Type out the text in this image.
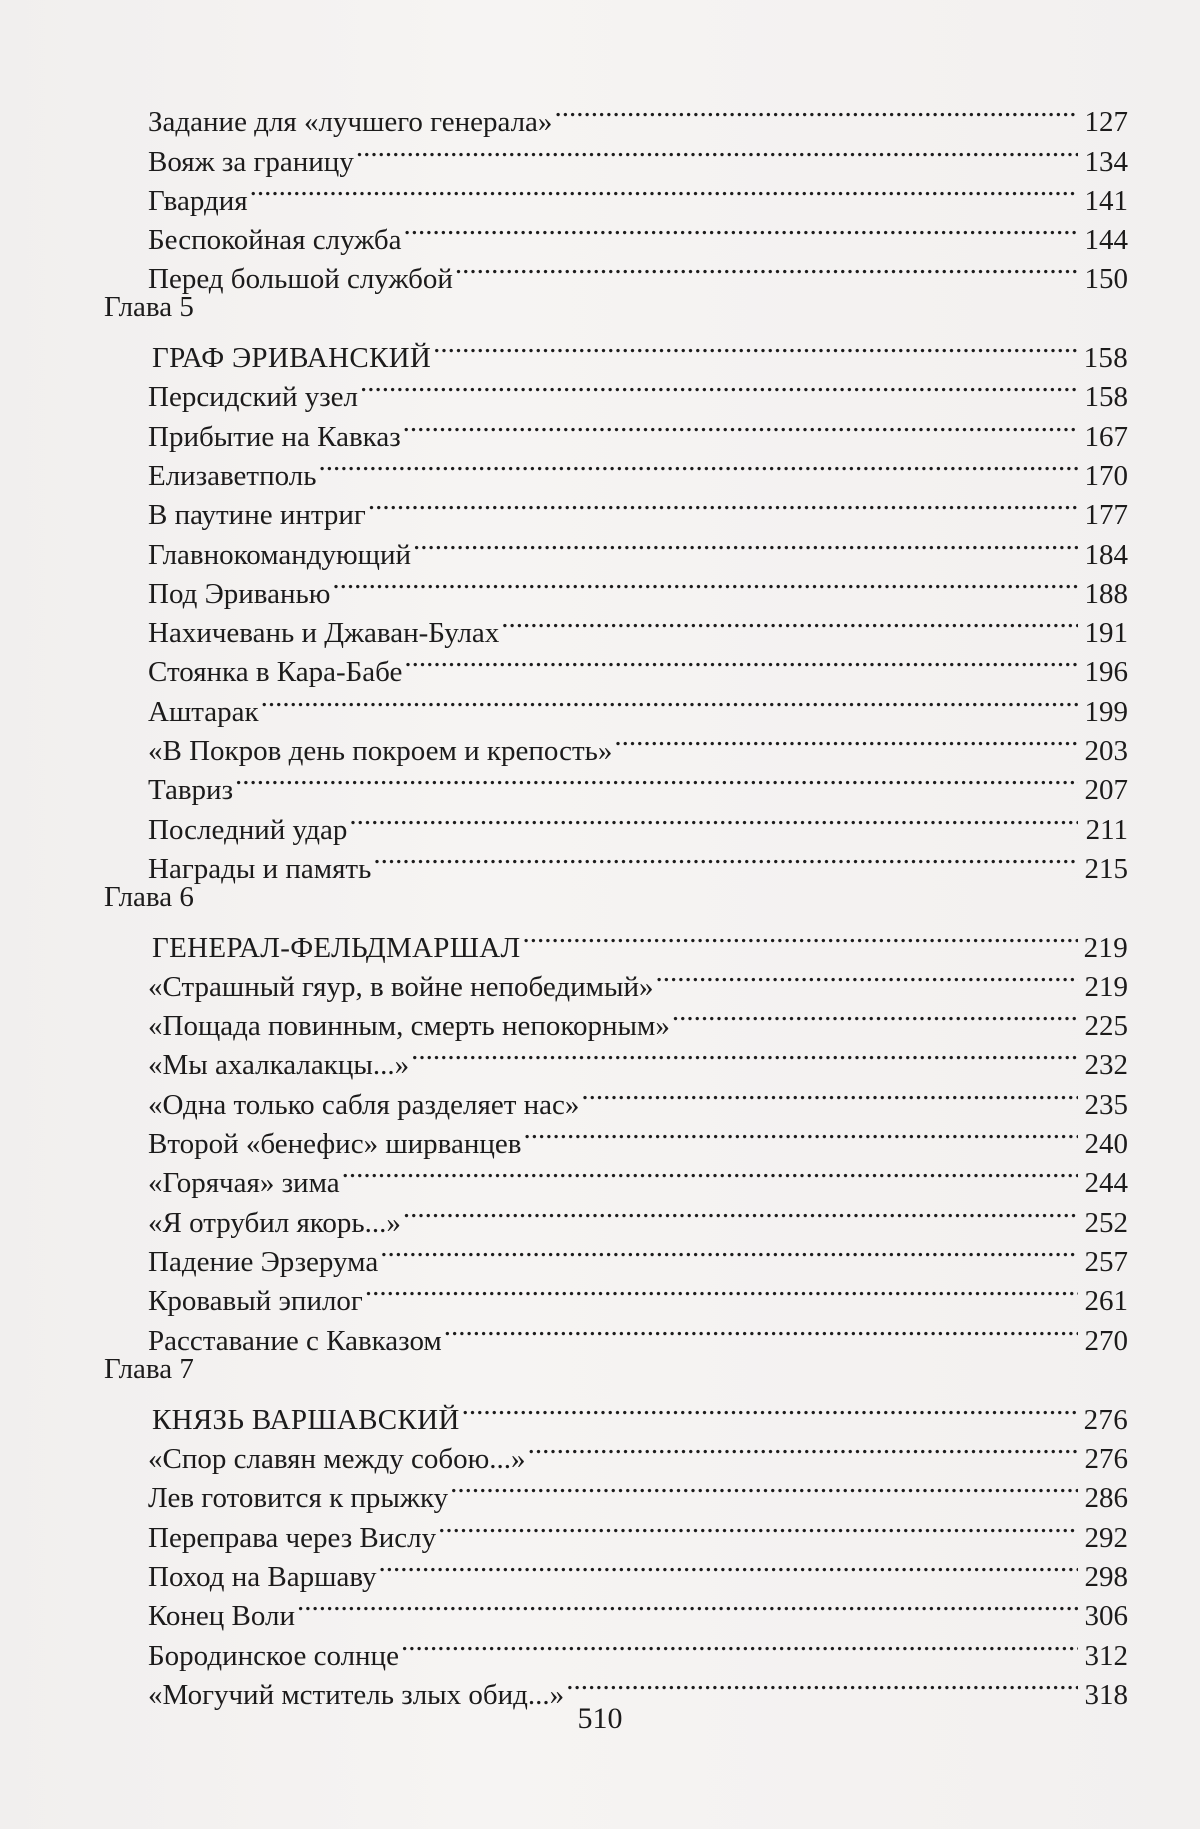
Задание для «лучшего генерала» .....	127
Вояж за границу .....	134
Гвардия .....	141
Беспокойная служба .....	144
Перед большой службой .....	150
Глава 5
ГРАФ ЭРИВАНСКИЙ .....	158
Персидский узел .....	158
Прибытие на Кавказ .....	167
Елизаветполь .....	170
В паутине интриг .....	177
Главнокомандующий .....	184
Под Эриванью .....	188
Нахичевань и Джаван-Булах .....	191
Стоянка в Кара-Бабе .....	196
Аштарак .....	199
«В Покров день покроем и крепость» .....	203
Тавриз .....	207
Последний удар .....	211
Награды и память .....	215
Глава 6
ГЕНЕРАЛ-ФЕЛЬДМАРШАЛ .....	219
«Страшный гяур, в войне непобедимый» .....	219
«Пощада повинным, смерть непокорным» .....	225
«Мы ахалкалакцы...» .....	232
«Одна только сабля разделяет нас» .....	235
Второй «бенефис» ширванцев .....	240
«Горячая» зима .....	244
«Я отрубил якорь...» .....	252
Падение Эрзерума .....	257
Кровавый эпилог .....	261
Расставание с Кавказом .....	270
Глава 7
КНЯЗЬ ВАРШАВСКИЙ .....	276
«Спор славян между собою...» .....	276
Лев готовится к прыжку .....	286
Переправа через Вислу .....	292
Поход на Варшаву .....	298
Конец Воли .....	306
Бородинское солнце .....	312
«Могучий мститель злых обид...» .....	318
510
